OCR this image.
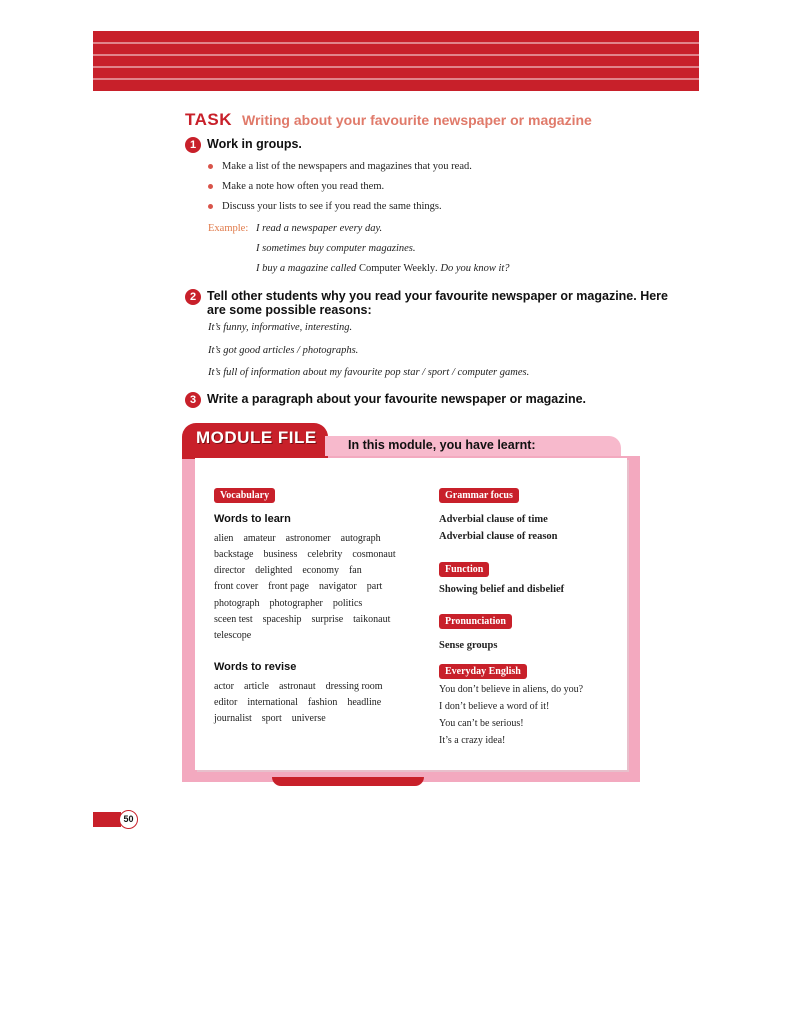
TASK Writing about your favourite newspaper or magazine
1 Work in groups.
Make a list of the newspapers and magazines that you read.
Make a note how often you read them.
Discuss your lists to see if you read the same things.
Example: I read a newspaper every day.
I sometimes buy computer magazines.
I buy a magazine called Computer Weekly. Do you know it?
2 Tell other students why you read your favourite newspaper or magazine. Here
are some possible reasons:
It’s funny, informative, interesting.
It’s got good articles / photographs.
It’s full of information about my favourite pop star / sport / computer games.
3 Write a paragraph about your favourite newspaper or magazine.
MODULE FILE	In this module, you have learnt:
Vocabulary
Words to learn
alien amateur astronomer autograph
backstage business celebrity cosmonaut
director delighted economy fan
front cover front page navigator part
photograph photographer politics
sceen test spaceship surprise taikonaut
telescope
Words to revise
actor article astronaut dressing room
editor international fashion headline
journalist sport universe
Grammar focus
Adverbial clause of time
Adverbial clause of reason
Function
Showing belief and disbelief
Pronunciation
Sense groups
Everyday English
You don’t believe in aliens, do you?
I don’t believe a word of it!
You can’t be serious!
It’s a crazy idea!
50
